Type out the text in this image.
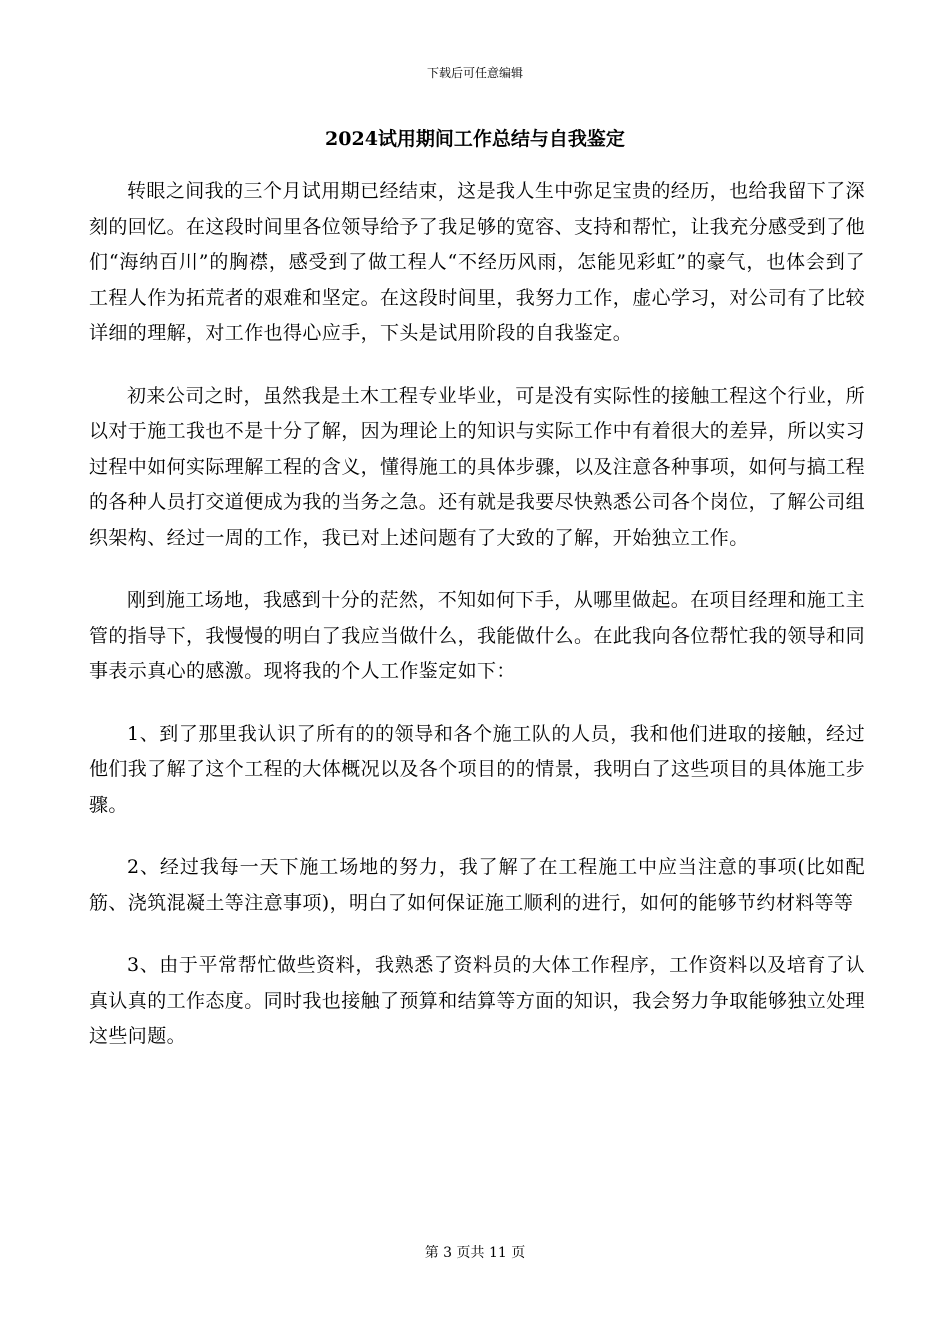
下载后可任意编辑
2024试用期间工作总结与自我鉴定

转眼之间我的三个月试用期已经结束，这是我人生中弥足宝贵的经历，也给我留下了深刻的回忆。在这段时间里各位领导给予了我足够的宽容、支持和帮忙，让我充分感受到了他们“海纳百川”的胸襟，感受到了做工程人“不经历风雨，怎能见彩虹”的豪气，也体会到了工程人作为拓荒者的艰难和坚定。在这段时间里，我努力工作，虚心学习，对公司有了比较详细的理解，对工作也得心应手，下头是试用阶段的自我鉴定。

初来公司之时，虽然我是土木工程专业毕业，可是没有实际性的接触工程这个行业，所以对于施工我也不是十分了解，因为理论上的知识与实际工作中有着很大的差异，所以实习过程中如何实际理解工程的含义，懂得施工的具体步骤，以及注意各种事项，如何与搞工程的各种人员打交道便成为我的当务之急。还有就是我要尽快熟悉公司各个岗位，了解公司组织架构、经过一周的工作，我已对上述问题有了大致的了解，开始独立工作。

刚到施工场地，我感到十分的茫然，不知如何下手，从哪里做起。在项目经理和施工主管的指导下，我慢慢的明白了我应当做什么，我能做什么。在此我向各位帮忙我的领导和同事表示真心的感激。现将我的个人工作鉴定如下：

1、到了那里我认识了所有的的领导和各个施工队的人员，我和他们进取的接触，经过他们我了解了这个工程的大体概况以及各个项目的的情景，我明白了这些项目的具体施工步骤。

2、经过我每一天下施工场地的努力，我了解了在工程施工中应当注意的事项(比如配筋、浇筑混凝土等注意事项)，明白了如何保证施工顺利的进行，如何的能够节约材料等等

3、由于平常帮忙做些资料，我熟悉了资料员的大体工作程序，工作资料以及培育了认真认真的工作态度。同时我也接触了预算和结算等方面的知识，我会努力争取能够独立处理这些问题。

第 3 页共 11 页
